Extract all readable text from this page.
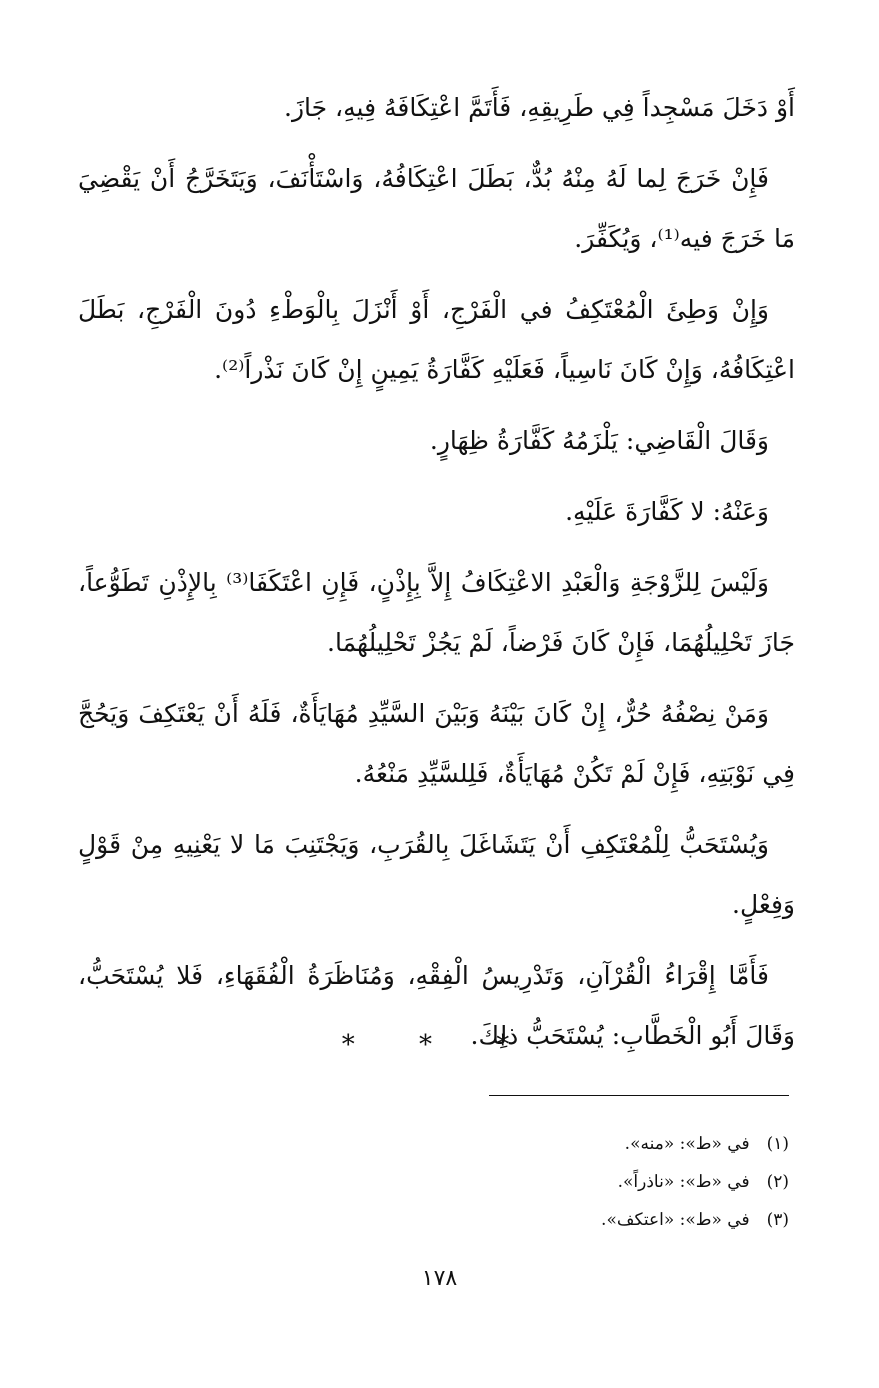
أَوْ دَخَلَ مَسْجِداً فِي طَرِيقِهِ، فَأَتَمَّ اعْتِكَافَهُ فِيهِ، جَازَ.

فَإِنْ خَرَجَ لِما لَهُ مِنْهُ بُدٌّ، بَطَلَ اعْتِكَافُهُ، وَاسْتَأْنَفَ، وَيَتَخَرَّجُ أَنْ يَقْضِيَ مَا خَرَجَ فيه⁽¹⁾، وَيُكَفِّرَ.

وَإِنْ وَطِئَ الْمُعْتَكِفُ في الْفَرْجِ، أَوْ أَنْزَلَ بِالْوَطْءِ دُونَ الْفَرْجِ، بَطَلَ اعْتِكَافُهُ، وَإِنْ كَانَ نَاسِياً، فَعَلَيْهِ كَفَّارَةُ يَمِينٍ إِنْ كَانَ نَذْراً⁽²⁾.

وَقَالَ الْقَاضِي: يَلْزَمُهُ كَفَّارَةُ ظِهَارٍ.

وَعَنْهُ: لا كَفَّارَةَ عَلَيْهِ.

وَلَيْسَ لِلزَّوْجَةِ وَالْعَبْدِ الاعْتِكَافُ إِلاَّ بِإِذْنٍ، فَإِنِ اعْتَكَفَا⁽³⁾ بِالإِذْنِ تَطَوُّعاً، جَازَ تَحْلِيلُهُمَا، فَإِنْ كَانَ فَرْضاً، لَمْ يَجُزْ تَحْلِيلُهُمَا.

وَمَنْ نِصْفُهُ حُرٌّ، إِنْ كَانَ بَيْنَهُ وَبَيْنَ السَّيِّدِ مُهَايَأَةٌ، فَلَهُ أَنْ يَعْتَكِفَ وَيَحُجَّ فِي نَوْبَتِهِ، فَإِنْ لَمْ تَكُنْ مُهَايَأَةٌ، فَلِلسَّيِّدِ مَنْعُهُ.

وَيُسْتَحَبُّ لِلْمُعْتَكِفِ أَنْ يَتَشَاغَلَ بِالقُرَبِ، وَيَجْتَنِبَ مَا لا يَعْنِيهِ مِنْ قَوْلٍ وَفِعْلٍ.

فَأَمَّا إِقْرَاءُ الْقُرْآنِ، وَتَدْرِيسُ الْفِقْهِ، وَمُنَاظَرَةُ الْفُقَهَاءِ، فَلا يُسْتَحَبُّ، وَقَالَ أَبُو الْخَطَّابِ: يُسْتَحَبُّ ذلِكَ.

* * *
(١) في «ط»: «منه».
(٢) في «ط»: «ناذراً».
(٣) في «ط»: «اعتكف».
١٧٨
